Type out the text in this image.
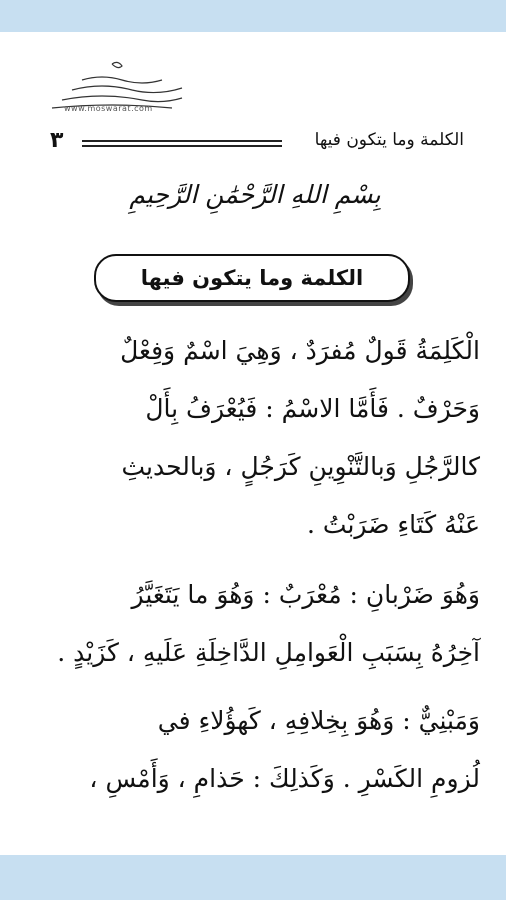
www.moswarat.com
٣	الكلمة وما يتكون فيها
بِسْمِ اللهِ الرَّحْمَٰنِ الرَّحِيمِ
الكلمة وما يتكون فيها
الْكَلِمَةُ قَولٌ مُفرَدٌ ، وَهِيَ اسْمٌ وَفِعْلٌ
وَحَرْفٌ . فَأَمَّا الاسْمُ : فَيُعْرَفُ بِأَلْ
كالرَّجُلِ وَبالتَّنْوِينِ كَرَجُلٍ ، وَبالحديثِ
عَنْهُ كَتَاءِ ضَرَبْتُ .
وَهُوَ ضَرْبانِ : مُعْرَبٌ : وَهُوَ ما يَتَغَيَّرُ
آخِرُهُ بِسَبَبِ الْعَوامِلِ الدَّاخِلَةِ عَلَيهِ ، كَزَيْدٍ .
وَمَبْنِيٌّ : وَهُوَ بِخِلافِهِ ، كَهؤُلاءِ في
لُزومِ الكَسْرِ . وَكَذلِكَ : حَذامِ ، وَأَمْسِ ،
